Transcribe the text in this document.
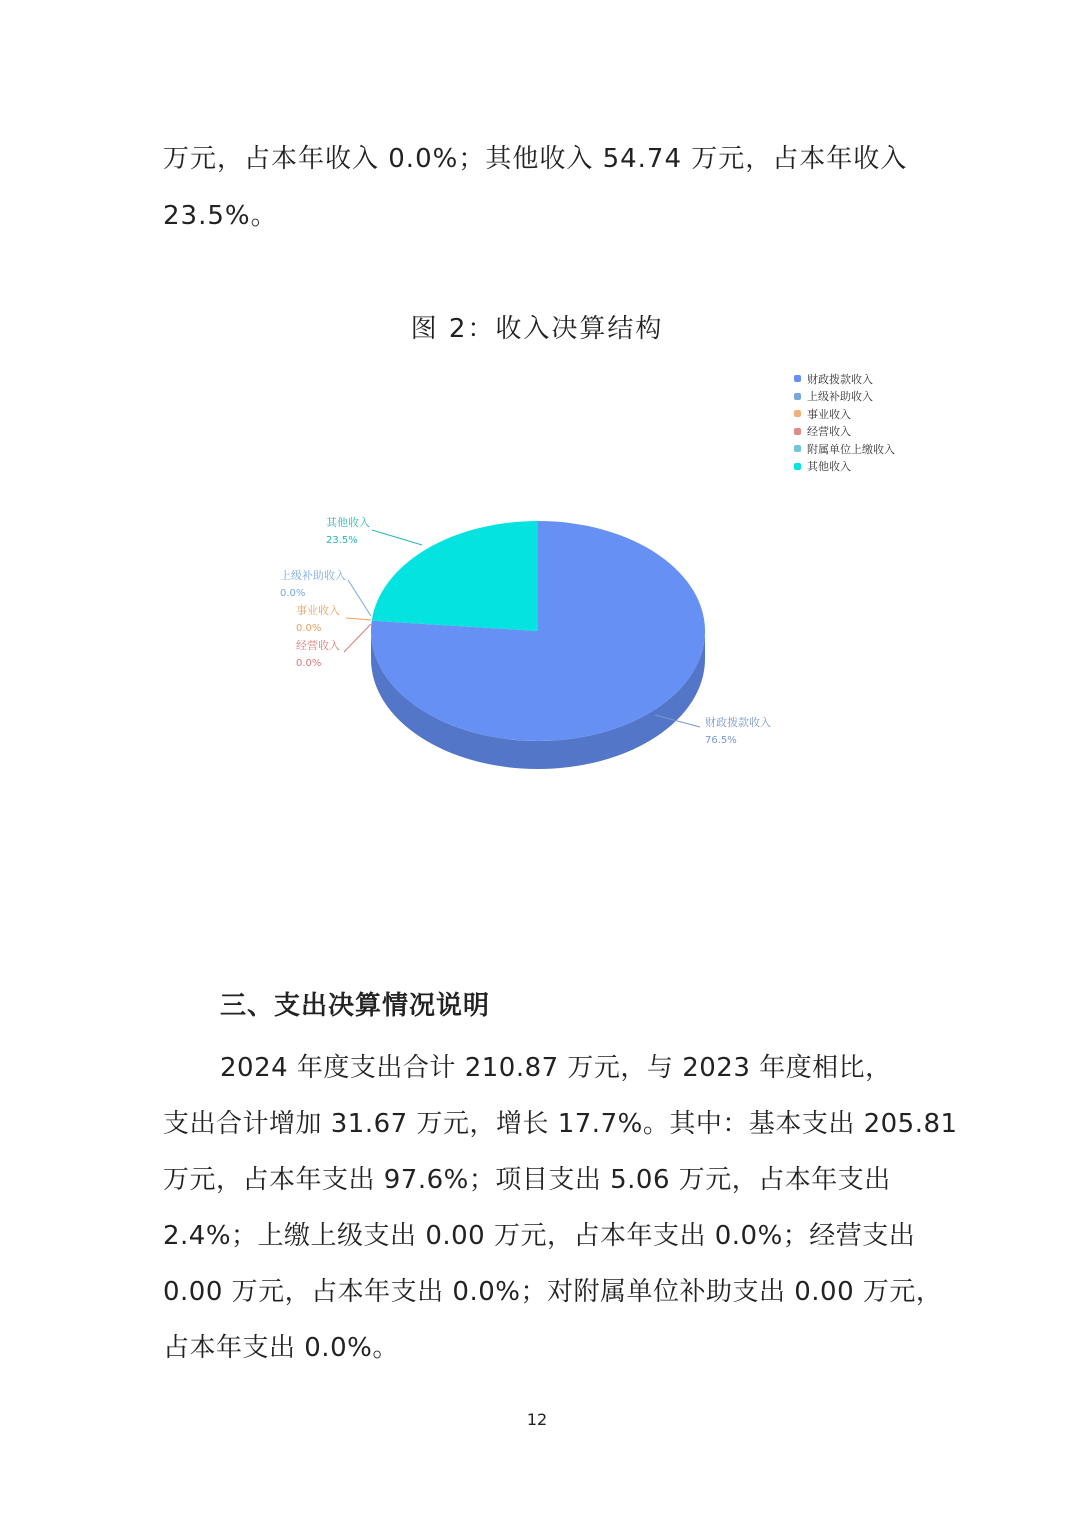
万元，占本年收入 0.0%；其他收入 54.74 万元，占本年收入
23.5%。
图 2：收入决算结构
财政拨款收入
76.5%
其他收入
23.5%
上级补助收入
0.0%
事业收入
0.0%
经营收入
0.0%
财政拨款收入
上级补助收入
事业收入
经营收入
附属单位上缴收入
其他收入
三、支出决算情况说明
2024 年度支出合计 210.87 万元，与 2023 年度相比，
支出合计增加 31.67 万元，增长 17.7%。其中：基本支出 205.81
万元，占本年支出 97.6%；项目支出 5.06 万元，占本年支出
2.4%；上缴上级支出 0.00 万元，占本年支出 0.0%；经营支出
0.00 万元，占本年支出 0.0%；对附属单位补助支出 0.00 万元，
占本年支出 0.0%。
12
